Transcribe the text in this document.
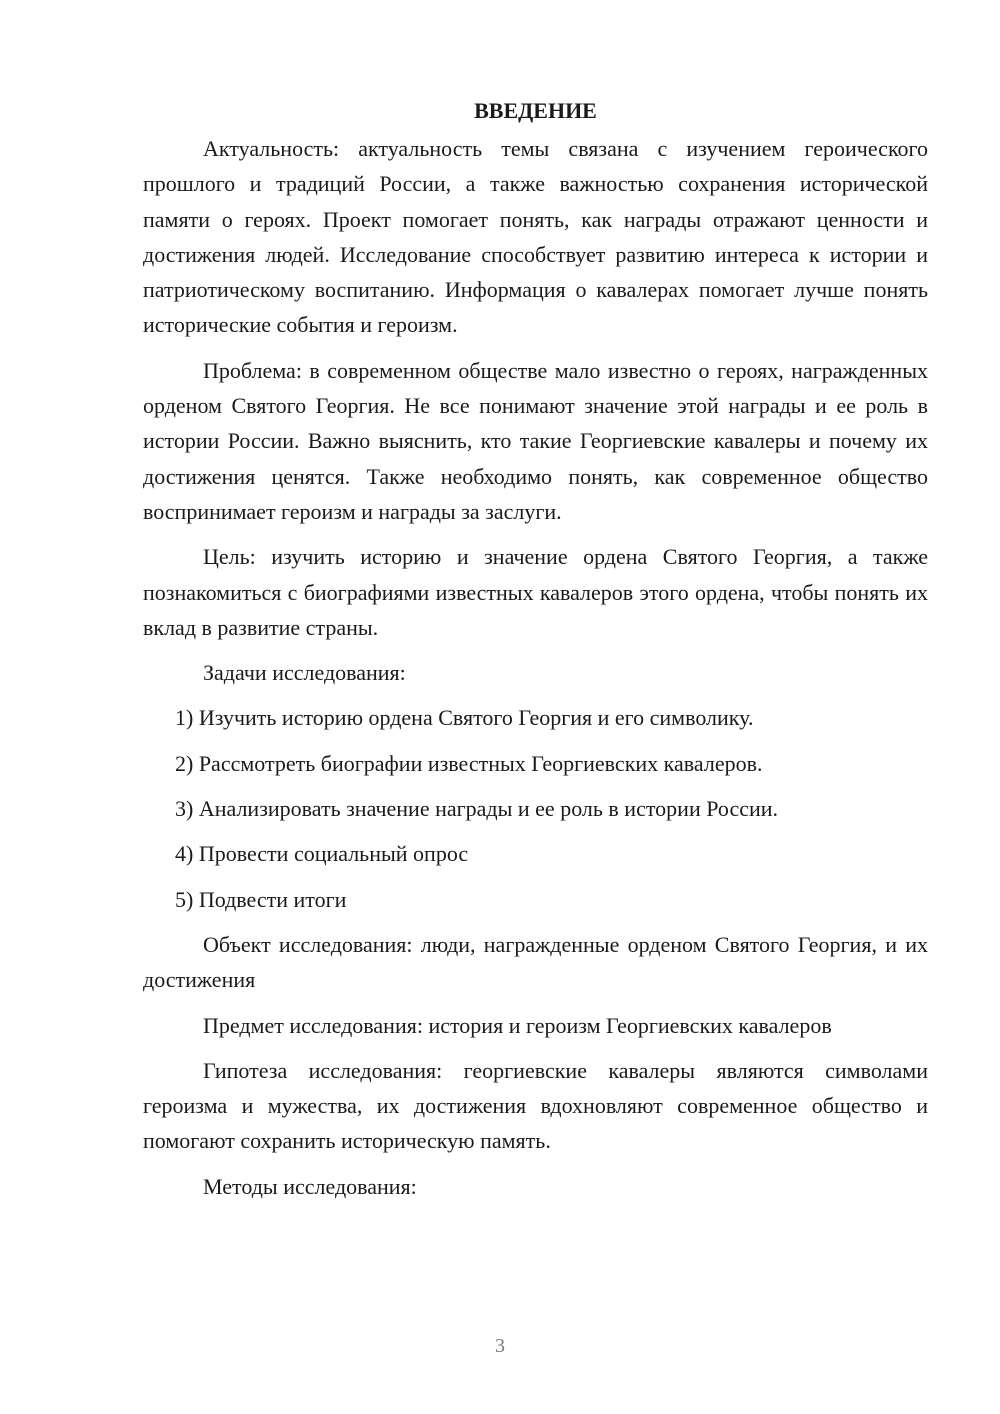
ВВЕДЕНИЕ

Актуальность: актуальность темы связана с изучением героического прошлого и традиций России, а также важностью сохранения исторической памяти о героях. Проект помогает понять, как награды отражают ценности и достижения людей. Исследование способствует развитию интереса к истории и патриотическому воспитанию. Информация о кавалерах помогает лучше понять исторические события и героизм.

Проблема: в современном обществе мало известно о героях, награжденных орденом Святого Георгия. Не все понимают значение этой награды и ее роль в истории России. Важно выяснить, кто такие Георгиевские кавалеры и почему их достижения ценятся. Также необходимо понять, как современное общество воспринимает героизм и награды за заслуги.

Цель: изучить историю и значение ордена Святого Георгия, а также познакомиться с биографиями известных кавалеров этого ордена, чтобы понять их вклад в развитие страны.

Задачи исследования:

1) Изучить историю ордена Святого Георгия и его символику.
2) Рассмотреть биографии известных Георгиевских кавалеров.
3) Анализировать значение награды и ее роль в истории России.
4) Провести социальный опрос
5) Подвести итоги

Объект исследования: люди, награжденные орденом Святого Георгия, и их достижения

Предмет исследования: история и героизм Георгиевских кавалеров

Гипотеза исследования: георгиевские кавалеры являются символами героизма и мужества, их достижения вдохновляют современное общество и помогают сохранить историческую память.

Методы исследования:

3
